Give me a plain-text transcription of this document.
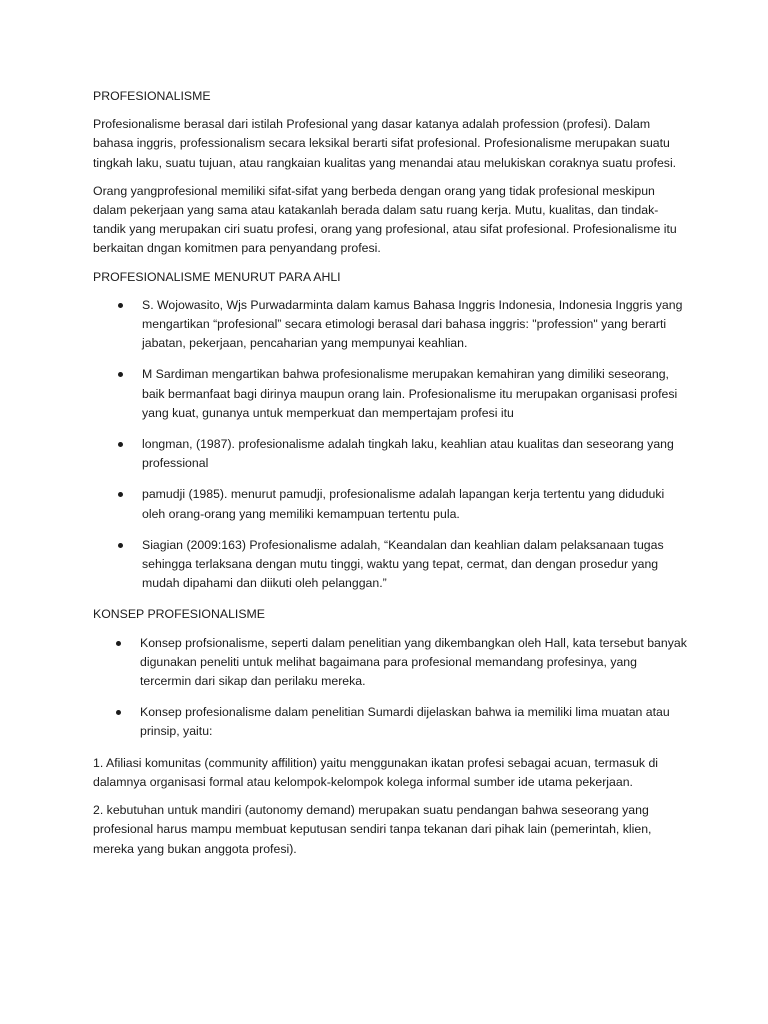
PROFESIONALISME

Profesionalisme berasal dari istilah Profesional yang dasar katanya adalah profession (profesi). Dalam bahasa inggris, professionalism secara leksikal berarti sifat profesional. Profesionalisme merupakan suatu tingkah laku, suatu tujuan, atau rangkaian kualitas yang menandai atau melukiskan coraknya suatu profesi.

Orang yangprofesional memiliki sifat-sifat yang berbeda dengan orang yang tidak profesional meskipun dalam pekerjaan yang sama atau katakanlah berada dalam satu ruang kerja. Mutu, kualitas, dan tindak-tandik yang merupakan ciri suatu profesi, orang yang profesional, atau sifat profesional. Profesionalisme itu berkaitan dngan komitmen para penyandang profesi.

PROFESIONALISME MENURUT PARA AHLI

S. Wojowasito, Wjs Purwadarminta dalam kamus Bahasa Inggris Indonesia, Indonesia Inggris yang mengartikan “profesional” secara etimologi berasal dari bahasa inggris: "profession" yang berarti jabatan, pekerjaan, pencaharian yang mempunyai keahlian.
M Sardiman mengartikan bahwa profesionalisme merupakan kemahiran yang dimiliki seseorang, baik bermanfaat bagi dirinya maupun orang lain. Profesionalisme itu merupakan organisasi profesi yang kuat, gunanya untuk memperkuat dan mempertajam profesi itu
longman, (1987). profesionalisme adalah tingkah laku, keahlian atau kualitas dan seseorang yang professional
pamudji (1985). menurut pamudji, profesionalisme adalah lapangan kerja tertentu yang diduduki oleh orang-orang yang memiliki kemampuan tertentu pula.
Siagian (2009:163) Profesionalisme adalah, “Keandalan dan keahlian dalam pelaksanaan tugas sehingga terlaksana dengan mutu tinggi, waktu yang tepat, cermat, dan dengan prosedur yang mudah dipahami dan diikuti oleh pelanggan.”

KONSEP PROFESIONALISME

Konsep profsionalisme, seperti dalam penelitian yang dikembangkan oleh Hall, kata tersebut banyak digunakan peneliti untuk melihat bagaimana para profesional memandang profesinya, yang tercermin dari sikap dan perilaku mereka.
Konsep profesionalisme dalam penelitian Sumardi dijelaskan bahwa ia memiliki lima muatan atau prinsip, yaitu:

1. Afiliasi komunitas (community affilition) yaitu menggunakan ikatan profesi sebagai acuan, termasuk di dalamnya organisasi formal atau kelompok-kelompok kolega informal sumber ide utama pekerjaan.

2. kebutuhan untuk mandiri (autonomy demand) merupakan suatu pendangan bahwa seseorang yang profesional harus mampu membuat keputusan sendiri tanpa tekanan dari pihak lain (pemerintah, klien, mereka yang bukan anggota profesi).
